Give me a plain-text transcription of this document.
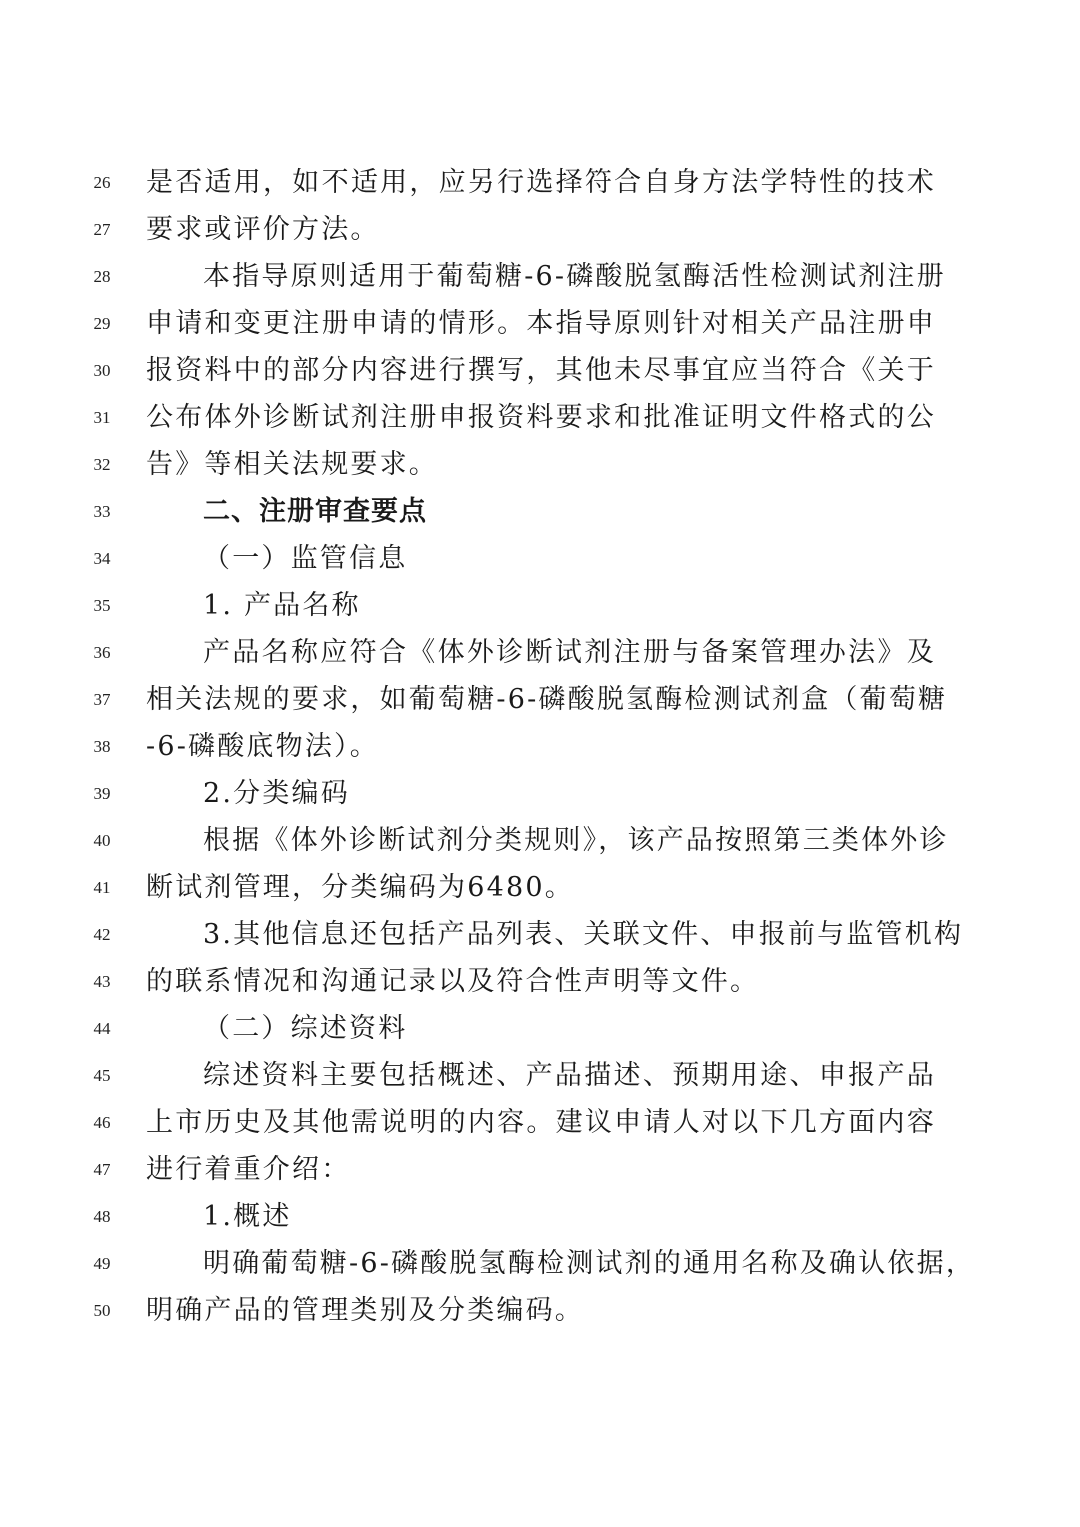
26	是否适用，如不适用，应另行选择符合自身方法学特性的技术
27	要求或评价方法。
28	本指导原则适用于葡萄糖-6-磷酸脱氢酶活性检测试剂注册
29	申请和变更注册申请的情形。本指导原则针对相关产品注册申
30	报资料中的部分内容进行撰写，其他未尽事宜应当符合《关于
31	公布体外诊断试剂注册申报资料要求和批准证明文件格式的公
32	告》等相关法规要求。
33	二、注册审查要点
34	（一）监管信息
35	1. 产品名称
36	产品名称应符合《体外诊断试剂注册与备案管理办法》及
37	相关法规的要求，如葡萄糖-6-磷酸脱氢酶检测试剂盒（葡萄糖
38	-6-磷酸底物法）。
39	2.分类编码
40	根据《体外诊断试剂分类规则》，该产品按照第三类体外诊
41	断试剂管理，分类编码为6480。
42	3.其他信息还包括产品列表、关联文件、申报前与监管机构
43	的联系情况和沟通记录以及符合性声明等文件。
44	（二）综述资料
45	综述资料主要包括概述、产品描述、预期用途、申报产品
46	上市历史及其他需说明的内容。建议申请人对以下几方面内容
47	进行着重介绍：
48	1.概述
49	明确葡萄糖-6-磷酸脱氢酶检测试剂的通用名称及确认依据，
50	明确产品的管理类别及分类编码。
